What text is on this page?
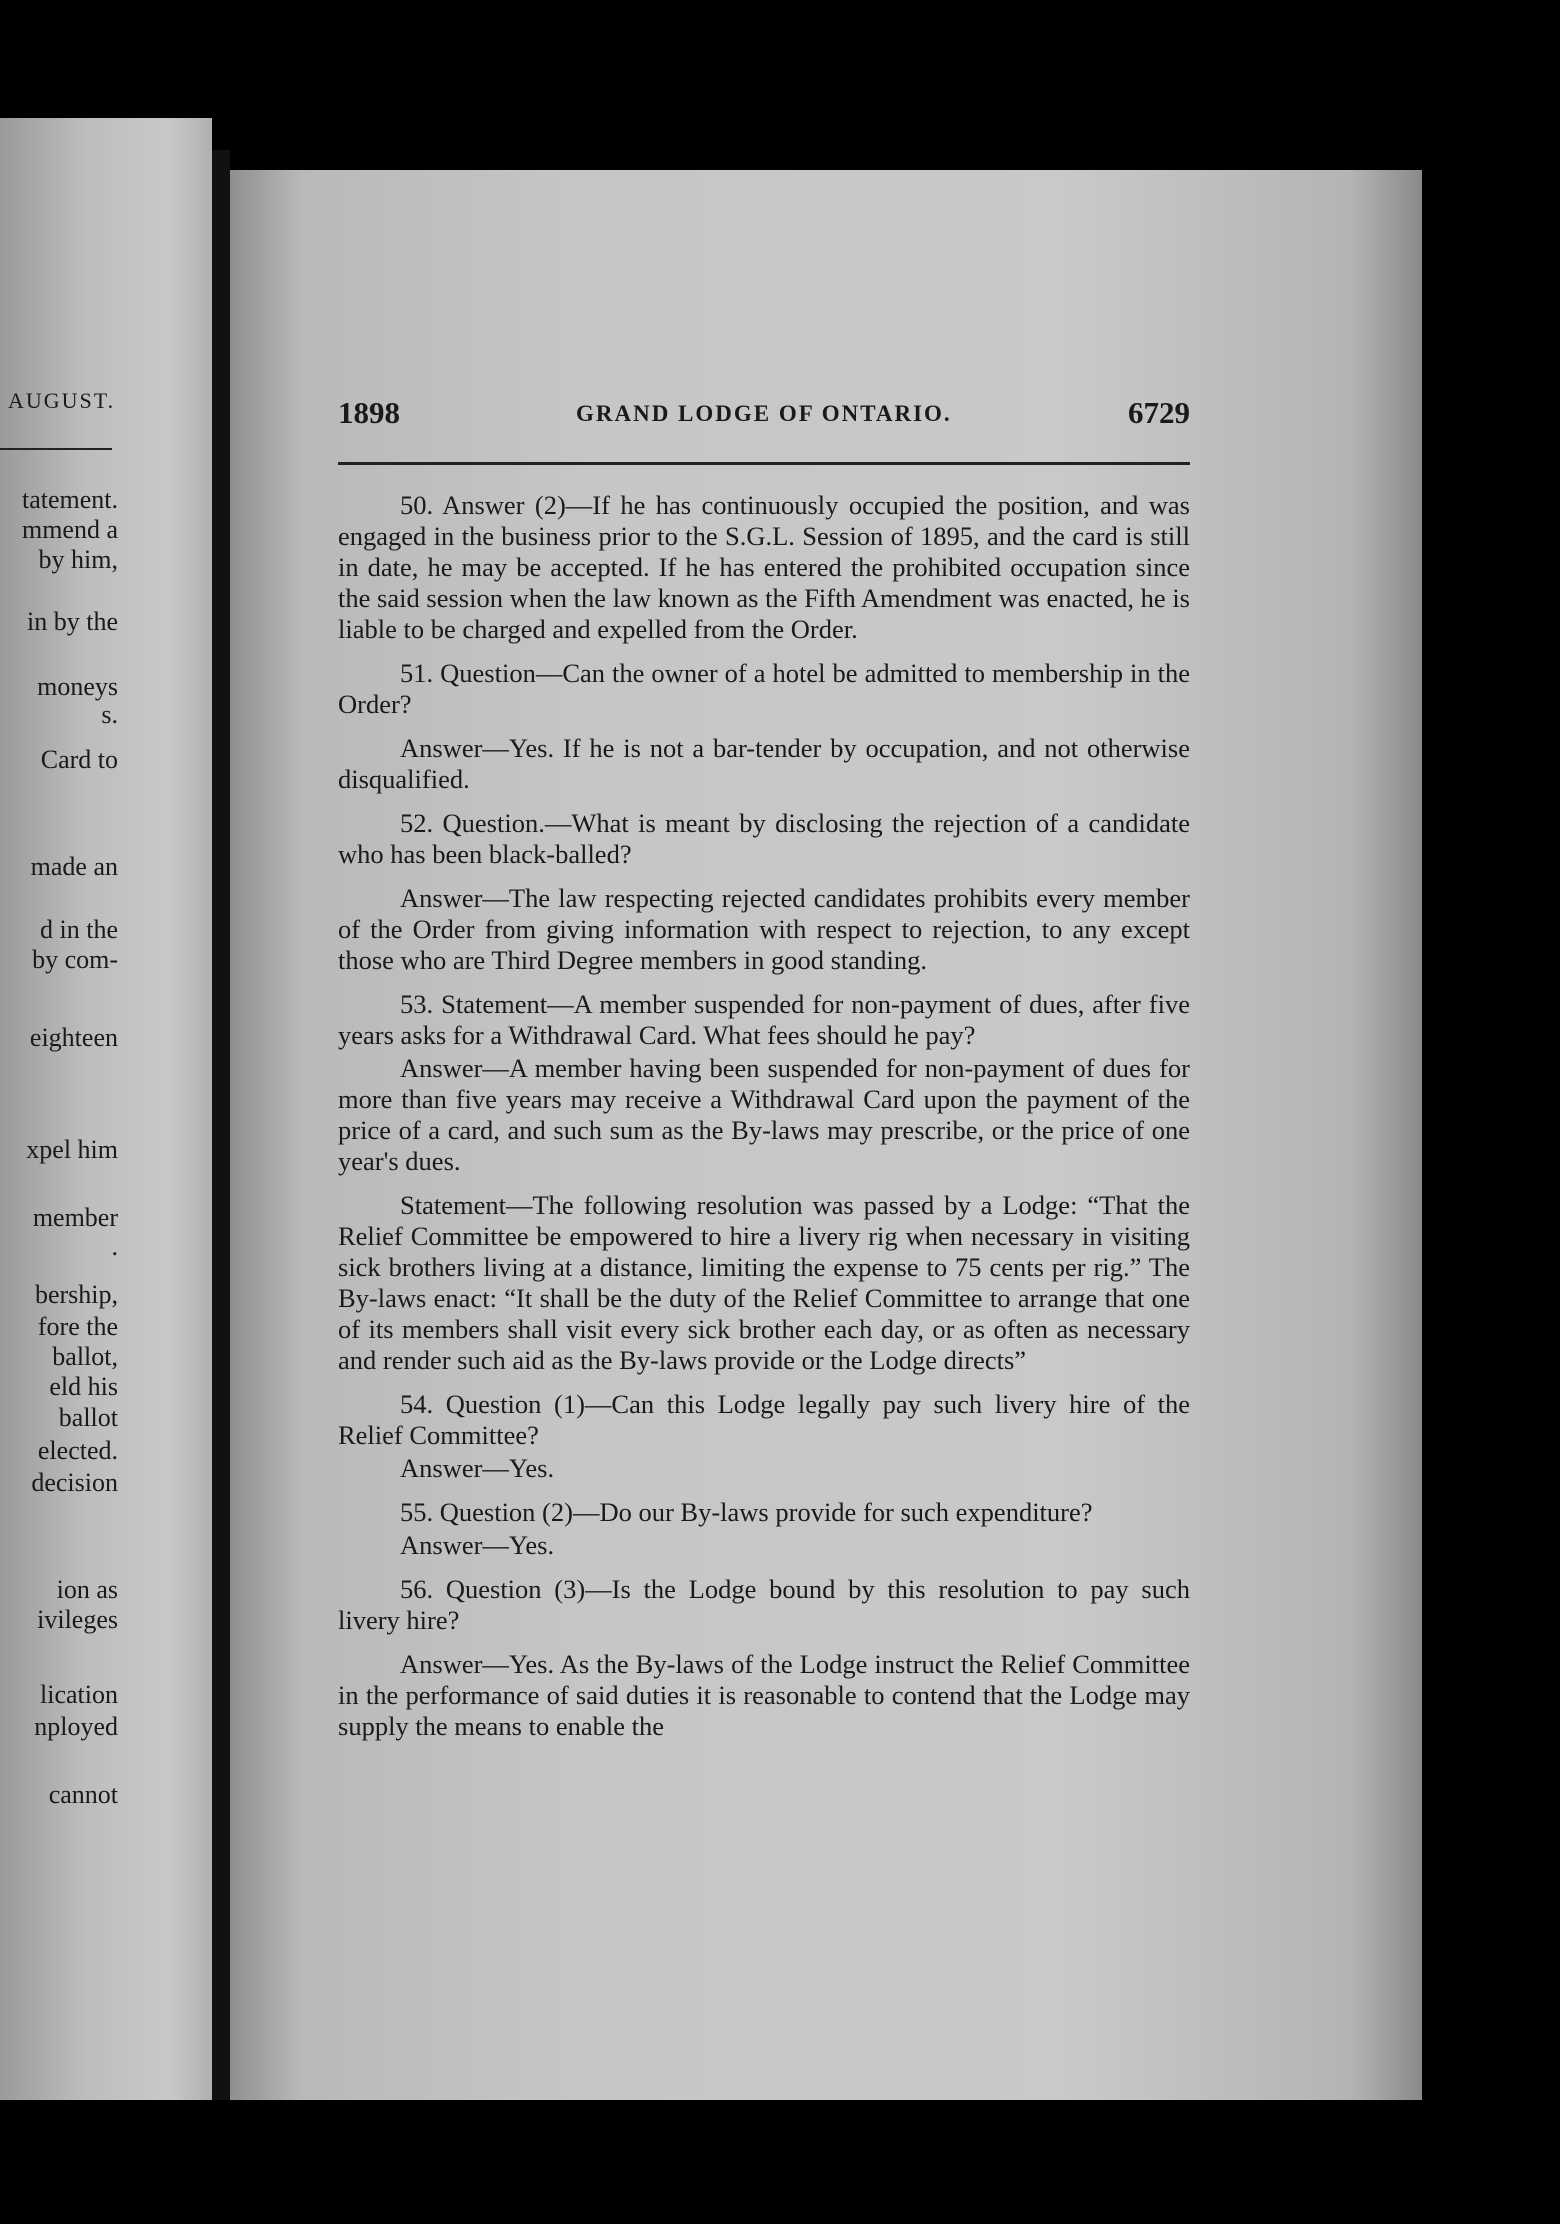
AUGUST.
tatement.
mmend a
by him,
in by the
moneys
s.
Card to
made an
d in the
by com-
eighteen
xpel him
member
.
bership,
fore the
ballot,
eld his
ballot
elected.
decision
ion as
ivileges
lication
nployed
cannot
1898	GRAND LODGE OF ONTARIO.	6729

50. Answer (2)—If he has continuously occupied the position, and was engaged in the business prior to the S.G.L. Session of 1895, and the card is still in date, he may be accepted. If he has entered the prohibited occupation since the said session when the law known as the Fifth Amendment was enacted, he is liable to be charged and expelled from the Order.

51. Question—Can the owner of a hotel be admitted to membership in the Order?

Answer—Yes. If he is not a bar-tender by occupation, and not otherwise disqualified.

52. Question.—What is meant by disclosing the rejection of a candidate who has been black-balled?

Answer—The law respecting rejected candidates prohibits every member of the Order from giving information with respect to rejection, to any except those who are Third Degree members in good standing.

53. Statement—A member suspended for non-payment of dues, after five years asks for a Withdrawal Card. What fees should he pay?

Answer—A member having been suspended for non-payment of dues for more than five years may receive a Withdrawal Card upon the payment of the price of a card, and such sum as the By-laws may prescribe, or the price of one year's dues.

Statement—The following resolution was passed by a Lodge: “That the Relief Committee be empowered to hire a livery rig when necessary in visiting sick brothers living at a distance, limiting the expense to 75 cents per rig.” The By-laws enact: “It shall be the duty of the Relief Committee to arrange that one of its members shall visit every sick brother each day, or as often as necessary and render such aid as the By-laws provide or the Lodge directs”

54. Question (1)—Can this Lodge legally pay such livery hire of the Relief Committee?

Answer—Yes.

55. Question (2)—Do our By-laws provide for such expenditure?

Answer—Yes.

56. Question (3)—Is the Lodge bound by this resolution to pay such livery hire?

Answer—Yes. As the By-laws of the Lodge instruct the Relief Committee in the performance of said duties it is reasonable to contend that the Lodge may supply the means to enable the
